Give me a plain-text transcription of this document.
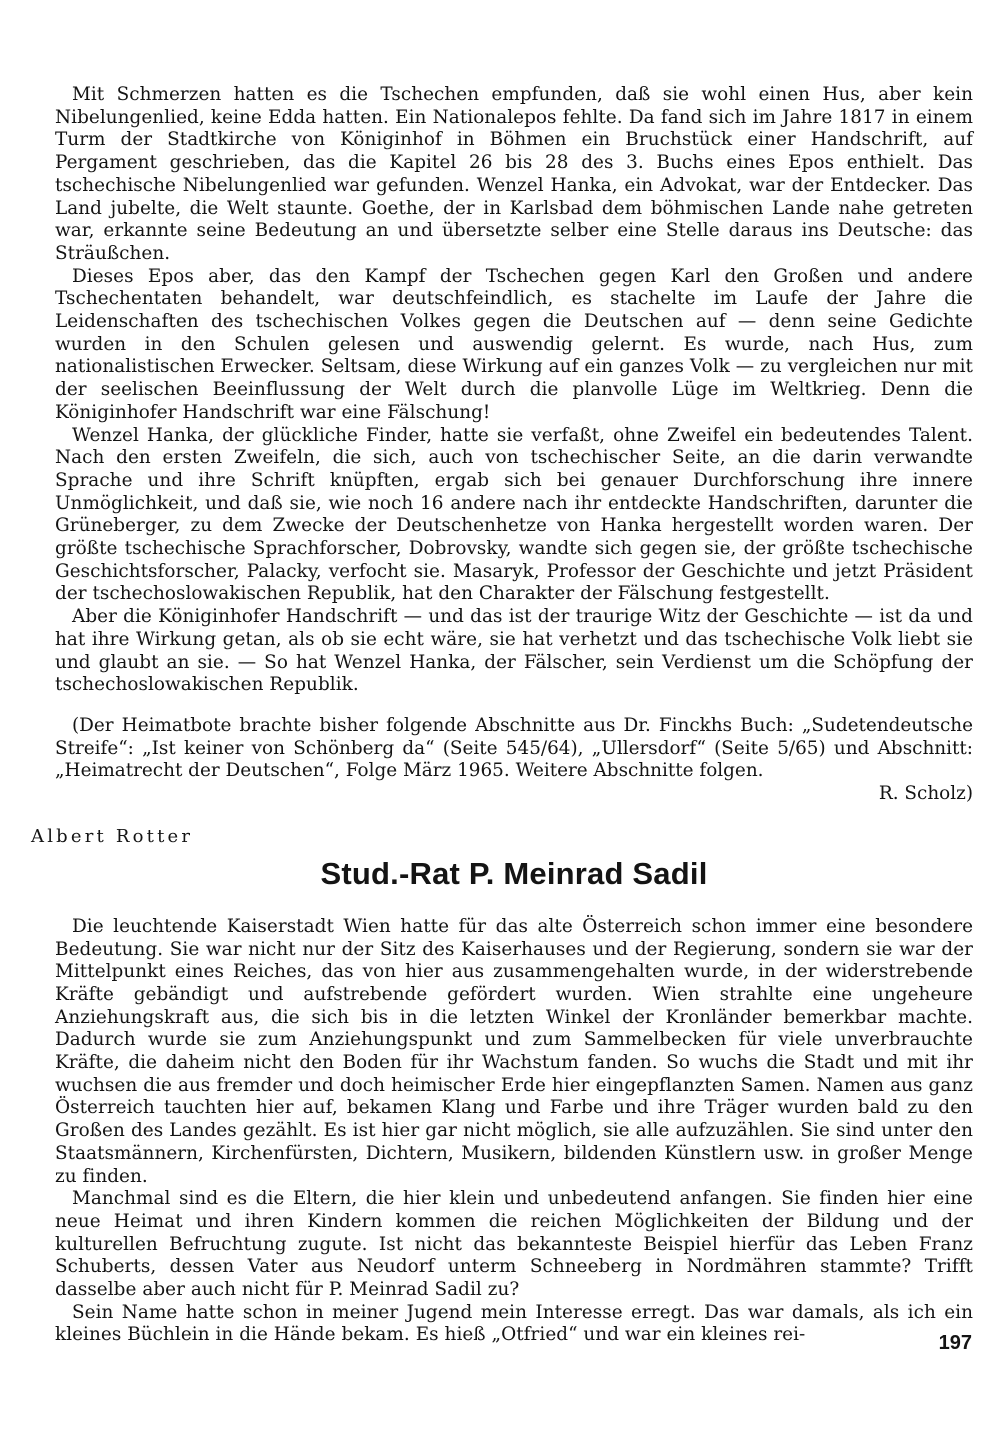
Mit Schmerzen hatten es die Tschechen empfunden, daß sie wohl einen Hus, aber kein Nibelungenlied, keine Edda hatten. Ein Nationalepos fehlte. Da fand sich im Jahre 1817 in einem Turm der Stadtkirche von Königinhof in Böhmen ein Bruchstück einer Handschrift, auf Pergament geschrieben, das die Kapitel 26 bis 28 des 3. Buchs eines Epos enthielt. Das tschechische Nibelungenlied war gefunden. Wenzel Hanka, ein Advokat, war der Entdecker. Das Land jubelte, die Welt staunte. Goethe, der in Karlsbad dem böhmischen Lande nahe getreten war, erkannte seine Bedeutung an und übersetzte selber eine Stelle daraus ins Deutsche: das Sträußchen.

Dieses Epos aber, das den Kampf der Tschechen gegen Karl den Großen und andere Tschechentaten behandelt, war deutschfeindlich, es stachelte im Laufe der Jahre die Leidenschaften des tschechischen Volkes gegen die Deutschen auf — denn seine Gedichte wurden in den Schulen gelesen und auswendig gelernt. Es wurde, nach Hus, zum nationalistischen Erwecker. Seltsam, diese Wirkung auf ein ganzes Volk — zu vergleichen nur mit der seelischen Beeinflussung der Welt durch die planvolle Lüge im Weltkrieg. Denn die Königinhofer Handschrift war eine Fälschung!

Wenzel Hanka, der glückliche Finder, hatte sie verfaßt, ohne Zweifel ein bedeutendes Talent. Nach den ersten Zweifeln, die sich, auch von tschechischer Seite, an die darin verwandte Sprache und ihre Schrift knüpften, ergab sich bei genauer Durchforschung ihre innere Unmöglichkeit, und daß sie, wie noch 16 andere nach ihr entdeckte Handschriften, darunter die Grüneberger, zu dem Zwecke der Deutschenhetze von Hanka hergestellt worden waren. Der größte tschechische Sprachforscher, Dobrovsky, wandte sich gegen sie, der größte tschechische Geschichtsforscher, Palacky, verfocht sie. Masaryk, Professor der Geschichte und jetzt Präsident der tschechoslowakischen Republik, hat den Charakter der Fälschung festgestellt.

Aber die Königinhofer Handschrift — und das ist der traurige Witz der Geschichte — ist da und hat ihre Wirkung getan, als ob sie echt wäre, sie hat verhetzt und das tschechische Volk liebt sie und glaubt an sie. — So hat Wenzel Hanka, der Fälscher, sein Verdienst um die Schöpfung der tschechoslowakischen Republik.

(Der Heimatbote brachte bisher folgende Abschnitte aus Dr. Finckhs Buch: „Sudetendeutsche Streife“: „Ist keiner von Schönberg da“ (Seite 545/64), „Ullersdorf“ (Seite 5/65) und Abschnitt: „Heimatrecht der Deutschen“, Folge März 1965. Weitere Abschnitte folgen.

R. Scholz)

Albert Rotter

Stud.-Rat P. Meinrad Sadil

Die leuchtende Kaiserstadt Wien hatte für das alte Österreich schon immer eine besondere Bedeutung. Sie war nicht nur der Sitz des Kaiserhauses und der Regierung, sondern sie war der Mittelpunkt eines Reiches, das von hier aus zusammengehalten wurde, in der widerstrebende Kräfte gebändigt und aufstrebende gefördert wurden. Wien strahlte eine ungeheure Anziehungskraft aus, die sich bis in die letzten Winkel der Kronländer bemerkbar machte. Dadurch wurde sie zum Anziehungspunkt und zum Sammelbecken für viele unverbrauchte Kräfte, die daheim nicht den Boden für ihr Wachstum fanden. So wuchs die Stadt und mit ihr wuchsen die aus fremder und doch heimischer Erde hier eingepflanzten Samen. Namen aus ganz Österreich tauchten hier auf, bekamen Klang und Farbe und ihre Träger wurden bald zu den Großen des Landes gezählt. Es ist hier gar nicht möglich, sie alle aufzuzählen. Sie sind unter den Staatsmännern, Kirchenfürsten, Dichtern, Musikern, bildenden Künstlern usw. in großer Menge zu finden.

Manchmal sind es die Eltern, die hier klein und unbedeutend anfangen. Sie finden hier eine neue Heimat und ihren Kindern kommen die reichen Möglichkeiten der Bildung und der kulturellen Befruchtung zugute. Ist nicht das bekannteste Beispiel hierfür das Leben Franz Schuberts, dessen Vater aus Neudorf unterm Schneeberg in Nordmähren stammte? Trifft dasselbe aber auch nicht für P. Meinrad Sadil zu?

Sein Name hatte schon in meiner Jugend mein Interesse erregt. Das war damals, als ich ein kleines Büchlein in die Hände bekam. Es hieß „Otfried“ und war ein kleines rei-	197
